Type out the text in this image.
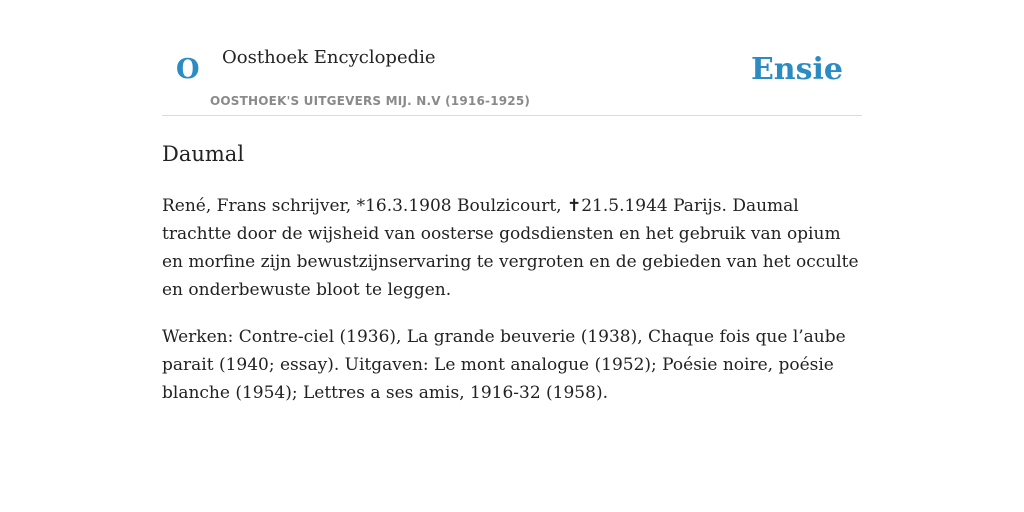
O Oosthoek Encyclopedie
OOSTHOEK'S UITGEVERS MIJ. N.V (1916-1925)
Ensie
Daumal

René, Frans schrijver, *16.3.1908 Boulzicourt, ✝21.5.1944 Parijs. Daumal trachtte door de wijsheid van oosterse godsdiensten en het gebruik van opium en morfine zijn bewustzijnservaring te vergroten en de gebieden van het occulte en onderbewuste bloot te leggen.

Werken: Contre-ciel (1936), La grande beuverie (1938), Chaque fois que l’aube parait (1940; essay). Uitgaven: Le mont analogue (1952); Poésie noire, poésie blanche (1954); Lettres a ses amis, 1916-32 (1958).
